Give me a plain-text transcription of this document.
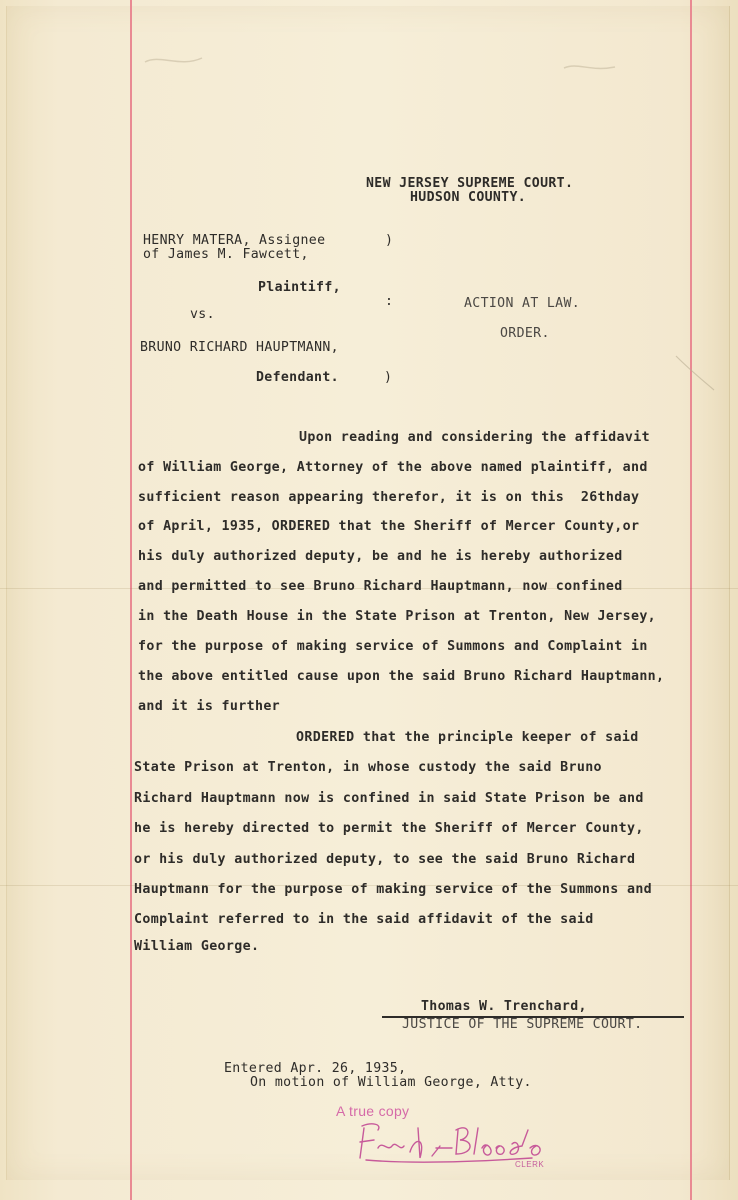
NEW JERSEY SUPREME COURT.
HUDSON COUNTY.
HENRY MATERA, Assignee
of James M. Fawcett,
)
Plaintiff,
:	ACTION AT LAW.
vs.
ORDER.
BRUNO RICHARD HAUPTMANN,
Defendant.	)
Upon reading and considering the affidavit
of William George, Attorney of the above named plaintiff, and
sufficient reason appearing therefor, it is on this  26thday
of April, 1935, ORDERED that the Sheriff of Mercer County,or
his duly authorized deputy, be and he is hereby authorized
and permitted to see Bruno Richard Hauptmann, now confined
in the Death House in the State Prison at Trenton, New Jersey,
for the purpose of making service of Summons and Complaint in
the above entitled cause upon the said Bruno Richard Hauptmann,
and it is further
ORDERED that the principle keeper of said
State Prison at Trenton, in whose custody the said Bruno
Richard Hauptmann now is confined in said State Prison be and
he is hereby directed to permit the Sheriff of Mercer County,
or his duly authorized deputy, to see the said Bruno Richard
Hauptmann for the purpose of making service of the Summons and
Complaint referred to in the said affidavit of the said
William George.
Thomas W. Trenchard,
JUSTICE OF THE SUPREME COURT.
Entered Apr. 26, 1935,
On motion of William George, Atty.
A true copy
CLERK
